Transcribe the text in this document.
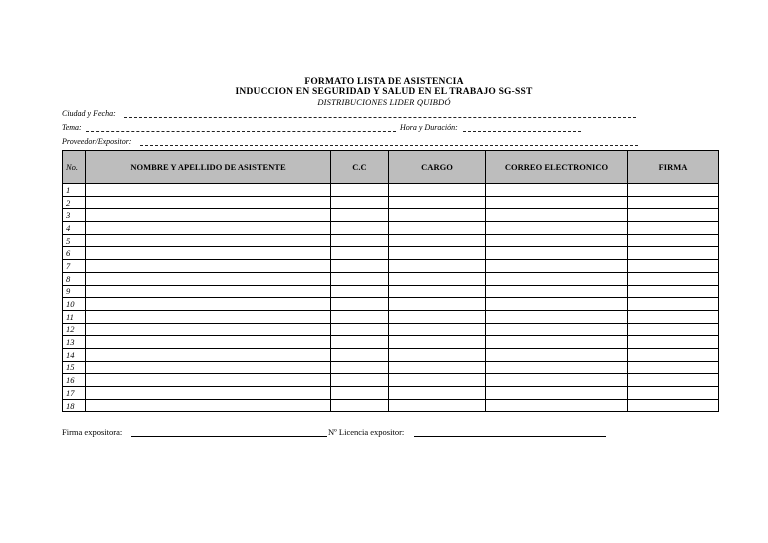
FORMATO LISTA DE ASISTENCIA
INDUCCION EN SEGURIDAD Y SALUD EN EL TRABAJO SG-SST
DISTRIBUCIONES LIDER QUIBDÓ
Ciudad y Fecha:
Tema:	Hora y Duración:
Proveedor/Expositor:
No.	NOMBRE Y APELLIDO DE ASISTENTE	C.C	CARGO	CORREO ELECTRONICO	FIRMA
1					
2					
3					
4					
5					
6					
7					
8					
9					
10					
11					
12					
13					
14					
15					
16					
17					
18					
Firma expositora:	Nº Licencia expositor:
